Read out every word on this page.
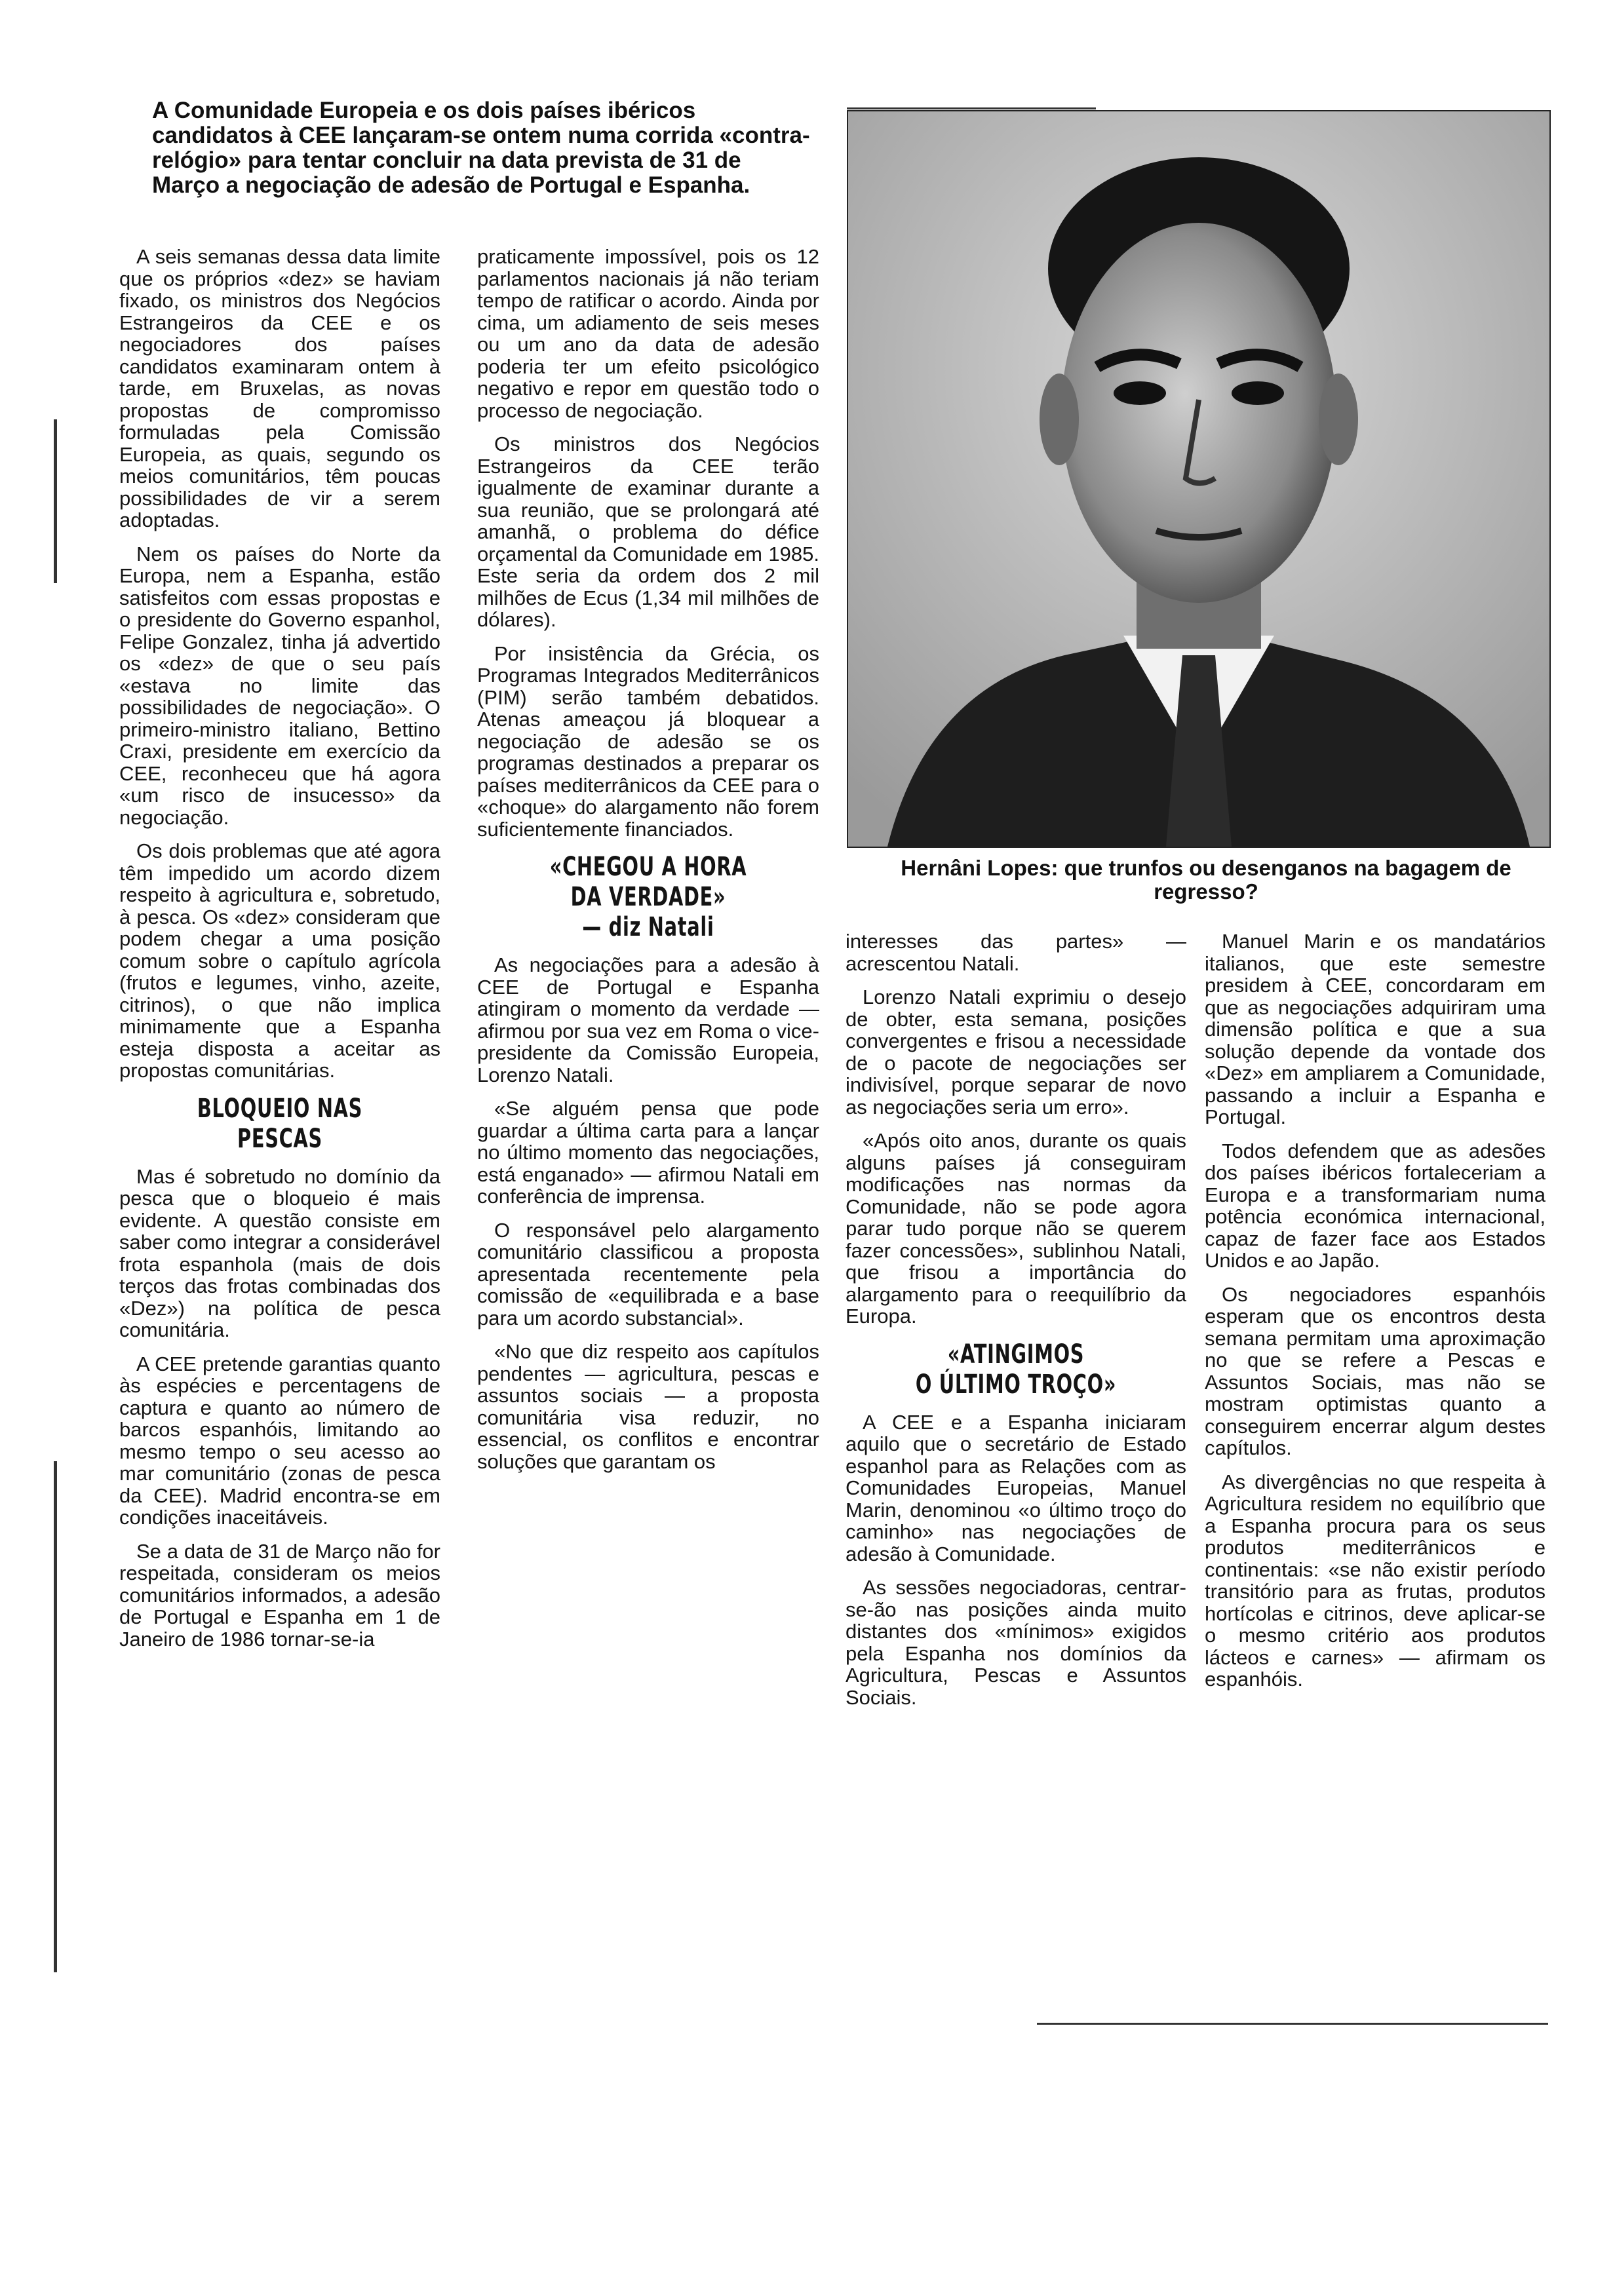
A Comunidade Europeia e os dois países ibéricos candidatos à CEE lançaram-se ontem numa corrida «contra-relógio» para tentar concluir na data prevista de 31 de Março a negociação de adesão de Portugal e Espanha.

A seis semanas dessa data limite que os próprios «dez» se haviam fixado, os ministros dos Negócios Estrangeiros da CEE e os negociadores dos países candidatos examinaram ontem à tarde, em Bruxelas, as novas propostas de compromisso formuladas pela Comissão Europeia, as quais, segundo os meios comunitários, têm poucas possibilidades de vir a serem adoptadas.

Nem os países do Norte da Europa, nem a Espanha, estão satisfeitos com essas propostas e o presidente do Governo espanhol, Felipe Gonzalez, tinha já advertido os «dez» de que o seu país «estava no limite das possibilidades de negociação». O primeiro-ministro italiano, Bettino Craxi, presidente em exercício da CEE, reconheceu que há agora «um risco de insucesso» da negociação.

Os dois problemas que até agora têm impedido um acordo dizem respeito à agricultura e, sobretudo, à pesca. Os «dez» consideram que podem chegar a uma posição comum sobre o capítulo agrícola (frutos e legumes, vinho, azeite, citrinos), o que não implica minimamente que a Espanha esteja disposta a aceitar as propostas comunitárias.

BLOQUEIO NAS PESCAS

Mas é sobretudo no domínio da pesca que o bloqueio é mais evidente. A questão consiste em saber como integrar a considerável frota espanhola (mais de dois terços das frotas combinadas dos «Dez») na política de pesca comunitária.

A CEE pretende garantias quanto às espécies e percentagens de captura e quanto ao número de barcos espanhóis, limitando ao mesmo tempo o seu acesso ao mar comunitário (zonas de pesca da CEE). Madrid encontra-se em condições inaceitáveis.

Se a data de 31 de Março não for respeitada, consideram os meios comunitários informados, a adesão de Portugal e Espanha em 1 de Janeiro de 1986 tornar-se-ia

praticamente impossível, pois os 12 parlamentos nacionais já não teriam tempo de ratificar o acordo. Ainda por cima, um adiamento de seis meses ou um ano da data de adesão poderia ter um efeito psicológico negativo e repor em questão todo o processo de negociação.

Os ministros dos Negócios Estrangeiros da CEE terão igualmente de examinar durante a sua reunião, que se prolongará até amanhã, o problema do défice orçamental da Comunidade em 1985. Este seria da ordem dos 2 mil milhões de Ecus (1,34 mil milhões de dólares).

Por insistência da Grécia, os Programas Integrados Mediterrânicos (PIM) serão também debatidos. Atenas ameaçou já bloquear a negociação de adesão se os programas destinados a preparar os países mediterrânicos da CEE para o «choque» do alargamento não forem suficientemente financiados.

«CHEGOU A HORA
DA VERDADE»
— diz Natali

As negociações para a adesão à CEE de Portugal e Espanha atingiram o momento da verdade — afirmou por sua vez em Roma o vice-presidente da Comissão Europeia, Lorenzo Natali.

«Se alguém pensa que pode guardar a última carta para a lançar no último momento das negociações, está enganado» — afirmou Natali em conferência de imprensa.

O responsável pelo alargamento comunitário classificou a proposta apresentada recentemente pela comissão de «equilibrada e a base para um acordo substancial».

«No que diz respeito aos capítulos pendentes — agricultura, pescas e assuntos sociais — a proposta comunitária visa reduzir, no essencial, os conflitos e encontrar soluções que garantam os

Hernâni Lopes: que trunfos ou desenganos na bagagem de regresso?

interesses das partes» — acrescentou Natali.

Lorenzo Natali exprimiu o desejo de obter, esta semana, posições convergentes e frisou a necessidade de o pacote de negociações ser indivisível, porque separar de novo as negociações seria um erro».

«Após oito anos, durante os quais alguns países já conseguiram modificações nas normas da Comunidade, não se pode agora parar tudo porque não se querem fazer concessões», sublinhou Natali, que frisou a importância do alargamento para o reequilíbrio da Europa.

«ATINGIMOS
O ÚLTIMO TROÇO»

A CEE e a Espanha iniciaram aquilo que o secretário de Estado espanhol para as Relações com as Comunidades Europeias, Manuel Marin, denominou «o último troço do caminho» nas negociações de adesão à Comunidade.

As sessões negociadoras, centrar-se-ão nas posições ainda muito distantes dos «mínimos» exigidos pela Espanha nos domínios da Agricultura, Pescas e Assuntos Sociais.

Manuel Marin e os mandatários italianos, que este semestre presidem à CEE, concordaram em que as negociações adquiriram uma dimensão política e que a sua solução depende da vontade dos «Dez» em ampliarem a Comunidade, passando a incluir a Espanha e Portugal.

Todos defendem que as adesões dos países ibéricos fortaleceriam a Europa e a transformariam numa potência económica internacional, capaz de fazer face aos Estados Unidos e ao Japão.

Os negociadores espanhóis esperam que os encontros desta semana permitam uma aproximação no que se refere a Pescas e Assuntos Sociais, mas não se mostram optimistas quanto a conseguirem encerrar algum destes capítulos.

As divergências no que respeita à Agricultura residem no equilíbrio que a Espanha procura para os seus produtos mediterrânicos e continentais: «se não existir período transitório para as frutas, produtos hortícolas e citrinos, deve aplicar-se o mesmo critério aos produtos lácteos e carnes» — afirmam os espanhóis.
